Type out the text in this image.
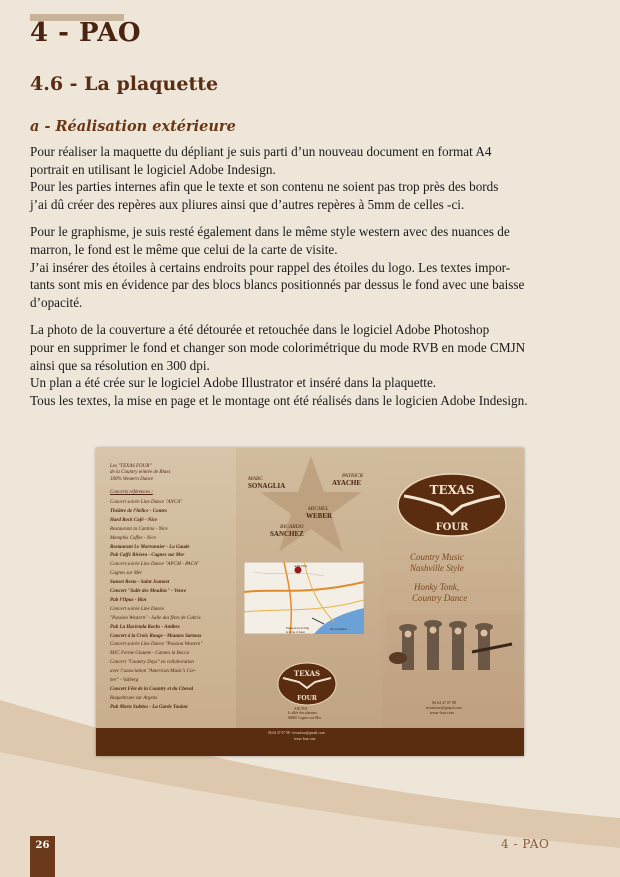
4 - PAO
4.6 - La plaquette
a - Réalisation extérieure

Pour réaliser la maquette du dépliant je suis parti d’un nouveau document en format A4
portrait en utilisant le logiciel Adobe Indesign.
Pour les parties internes afin que le texte et son contenu ne soient pas trop près des bords
j’ai dû créer des repères aux pliures ainsi que d’autres repères à 5mm de celles -ci.

Pour le graphisme, je suis resté également dans le même style western avec des nuances de
marron, le fond est le même que celui de la carte de visite.
J’ai insérer des étoiles à certains endroits pour rappel des étoiles du logo. Les textes impor-
tants sont mis en évidence par des blocs blancs positionnés par dessus le fond avec une baisse
d’opacité.

La photo de la couverture a été détourée et retouchée dans le logiciel Adobe Photoshop
pour en supprimer le fond et changer son mode colorimétrique du mode RVB en mode CMJN
ainsi que sa résolution en 300 dpi.
Un plan a été crée sur le logiciel Adobe Illustrator et inséré dans la plaquette.
Tous les textes, la mise en page et le montage ont été réalisés dans le logicien Adobe Indesign.

Les "TEXAS FOUR"
de la Country teintée de Blues
100% Western Dance
Concerts références :
Concert soirée Line Dance "ANCA"
Théâtre de l’hélice - Contes
Hard Rock Café - Nice
Restaurant la Cantina - Nice
Memphis Coffee - Nice
Restaurant Le Marronnier - La Gaude
Pub Caffé Riviera - Cagnes sur Mer
Concert soirée Line Dance "APCM - PACA"
Cagnes sur Mer
Sunset Resto - Saint Jeannet
Concert "Salle des Moulins" - Vence
Pub l’Opus - Biot
Concert soirée Line Dance
"Passion Western" - Salle des fêtes de Cabris
Pub La Hacienda Rocks - Antibes
Concert à la Croix Rouge - Mouans Sartoux
Concert soirée Line Dance "Passion Western"
MJC Ferme Giaume - Cannes la Bocca
Concert "Country Days" en collaboration
avec l’association "American Music’s Cor-
ner" - Valberg
Concert Fête de la Country et du Cheval
Roquebrune sur Argens
Pub Morts Subites - La Garde Toulon
MARC
SONAGLIA
PATRICK
AYACHE
MICHEL
WEBER
RICARDO
SANCHEZ
ANCIVA
Peugeot/recycling
la Côte d’Azur
Nice/Antibes
TEXAS
FOUR
ANCIVA
6, allée des platanes,
06800 Cagnes-sur-Mer
TEXAS
FOUR
Country Music
Nashville Style
Honky Tonk,
Country Dance
06 64 47 07 98
texasfour@gmail.com
texas-four.com
06 64 47 07 98 - texasfour@gmail.com
texas-four.com
26	4 - PAO
